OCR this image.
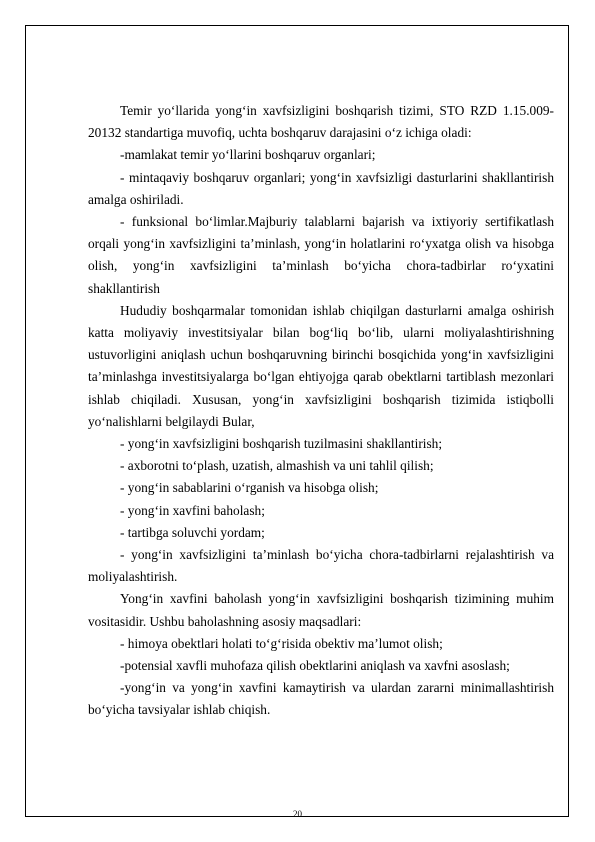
Temir yo‘llarida yong‘in xavfsizligini boshqarish tizimi, STO RZD 1.15.009-20132 standartiga muvofiq, uchta boshqaruv darajasini o‘z ichiga oladi:

-mamlakat temir yo‘llarini boshqaruv organlari;

- mintaqaviy boshqaruv organlari; yong‘in xavfsizligi dasturlarini shakllantirish amalga oshiriladi.

- funksional bo‘limlar.Majburiy talablarni bajarish va ixtiyoriy sertifikatlash orqali yong‘in xavfsizligini ta’minlash, yong‘in holatlarini ro‘yxatga olish va hisobga olish, yong‘in xavfsizligini ta’minlash bo‘yicha chora-tadbirlar ro‘yxatini shakllantirish

Hududiy boshqarmalar tomonidan ishlab chiqilgan dasturlarni amalga oshirish katta moliyaviy investitsiyalar bilan bog‘liq bo‘lib, ularni moliyalashtirishning ustuvorligini aniqlash uchun boshqaruvning birinchi bosqichida yong‘in xavfsizligini ta’minlashga investitsiyalarga bo‘lgan ehtiyojga qarab obektlarni tartiblash mezonlari ishlab chiqiladi. Xususan, yong‘in xavfsizligini boshqarish tizimida istiqbolli yo‘nalishlarni belgilaydi Bular,

- yong‘in xavfsizligini boshqarish tuzilmasini shakllantirish;

- axborotni to‘plash, uzatish, almashish va uni tahlil qilish;

- yong‘in sabablarini o‘rganish va hisobga olish;

- yong‘in xavfini baholash;

- tartibga soluvchi yordam;

- yong‘in xavfsizligini ta’minlash bo‘yicha chora-tadbirlarni rejalashtirish va moliyalashtirish.

Yong‘in xavfini baholash yong‘in xavfsizligini boshqarish tizimining muhim vositasidir. Ushbu baholashning asosiy maqsadlari:

- himoya obektlari holati to‘g‘risida obektiv ma’lumot olish;

-potensial xavfli muhofaza qilish obektlarini aniqlash va xavfni asoslash;

-yong‘in va yong‘in xavfini kamaytirish va ulardan zararni minimallashtirish bo‘yicha tavsiyalar ishlab chiqish.

20
